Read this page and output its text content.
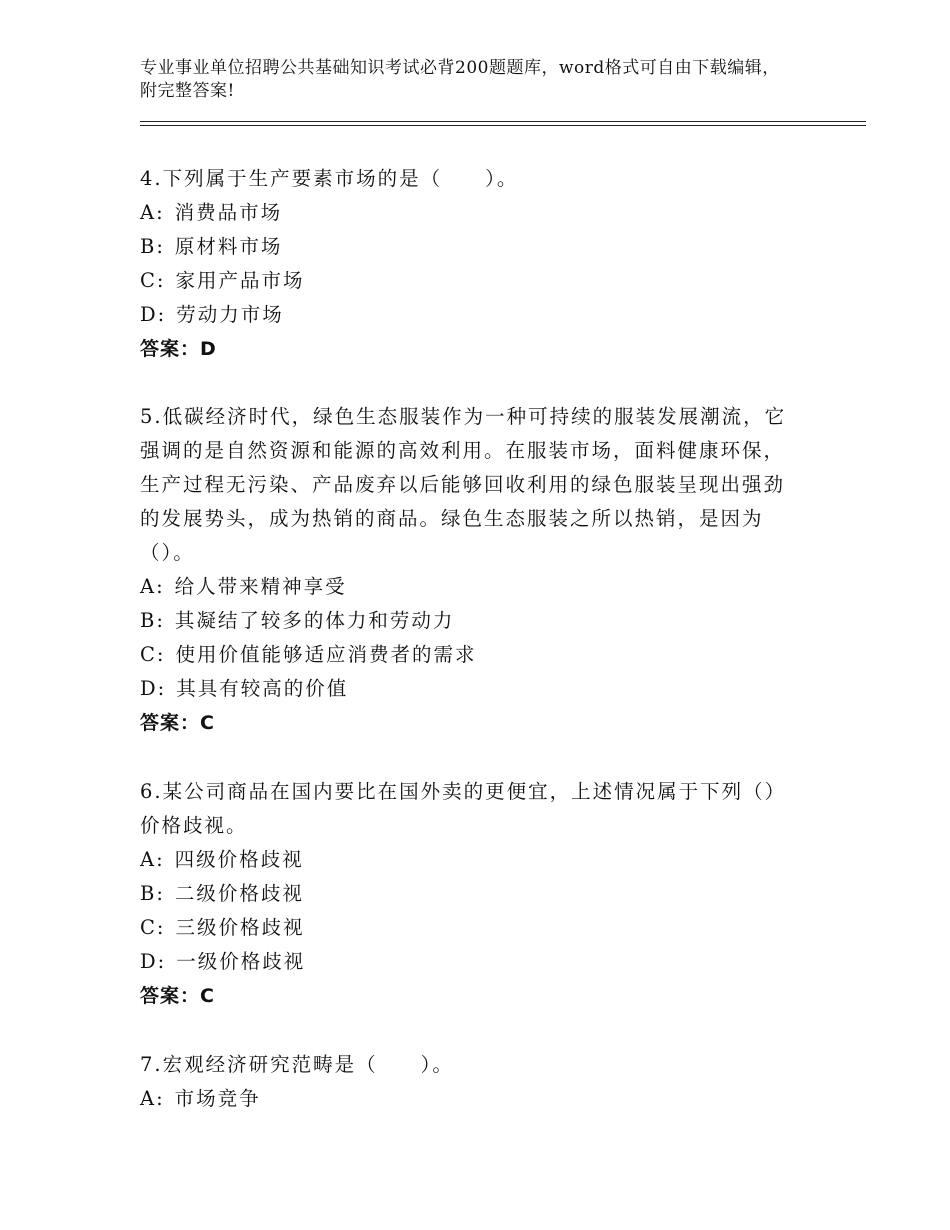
专业事业单位招聘公共基础知识考试必背200题题库，word格式可自由下载编辑，附完整答案!

4.下列属于生产要素市场的是（　　）。

A: 消费品市场

B: 原材料市场

C: 家用产品市场

D: 劳动力市场

答案：D

5.低碳经济时代，绿色生态服装作为一种可持续的服装发展潮流，它强调的是自然资源和能源的高效利用。在服装市场，面料健康环保，生产过程无污染、产品废弃以后能够回收利用的绿色服装呈现出强劲的发展势头，成为热销的商品。绿色生态服装之所以热销，是因为（）。

A: 给人带来精神享受

B: 其凝结了较多的体力和劳动力

C: 使用价值能够适应消费者的需求

D: 其具有较高的价值

答案：C

6.某公司商品在国内要比在国外卖的更便宜，上述情况属于下列（）价格歧视。

A: 四级价格歧视

B: 二级价格歧视

C: 三级价格歧视

D: 一级价格歧视

答案：C

7.宏观经济研究范畴是（　　）。

A: 市场竞争
